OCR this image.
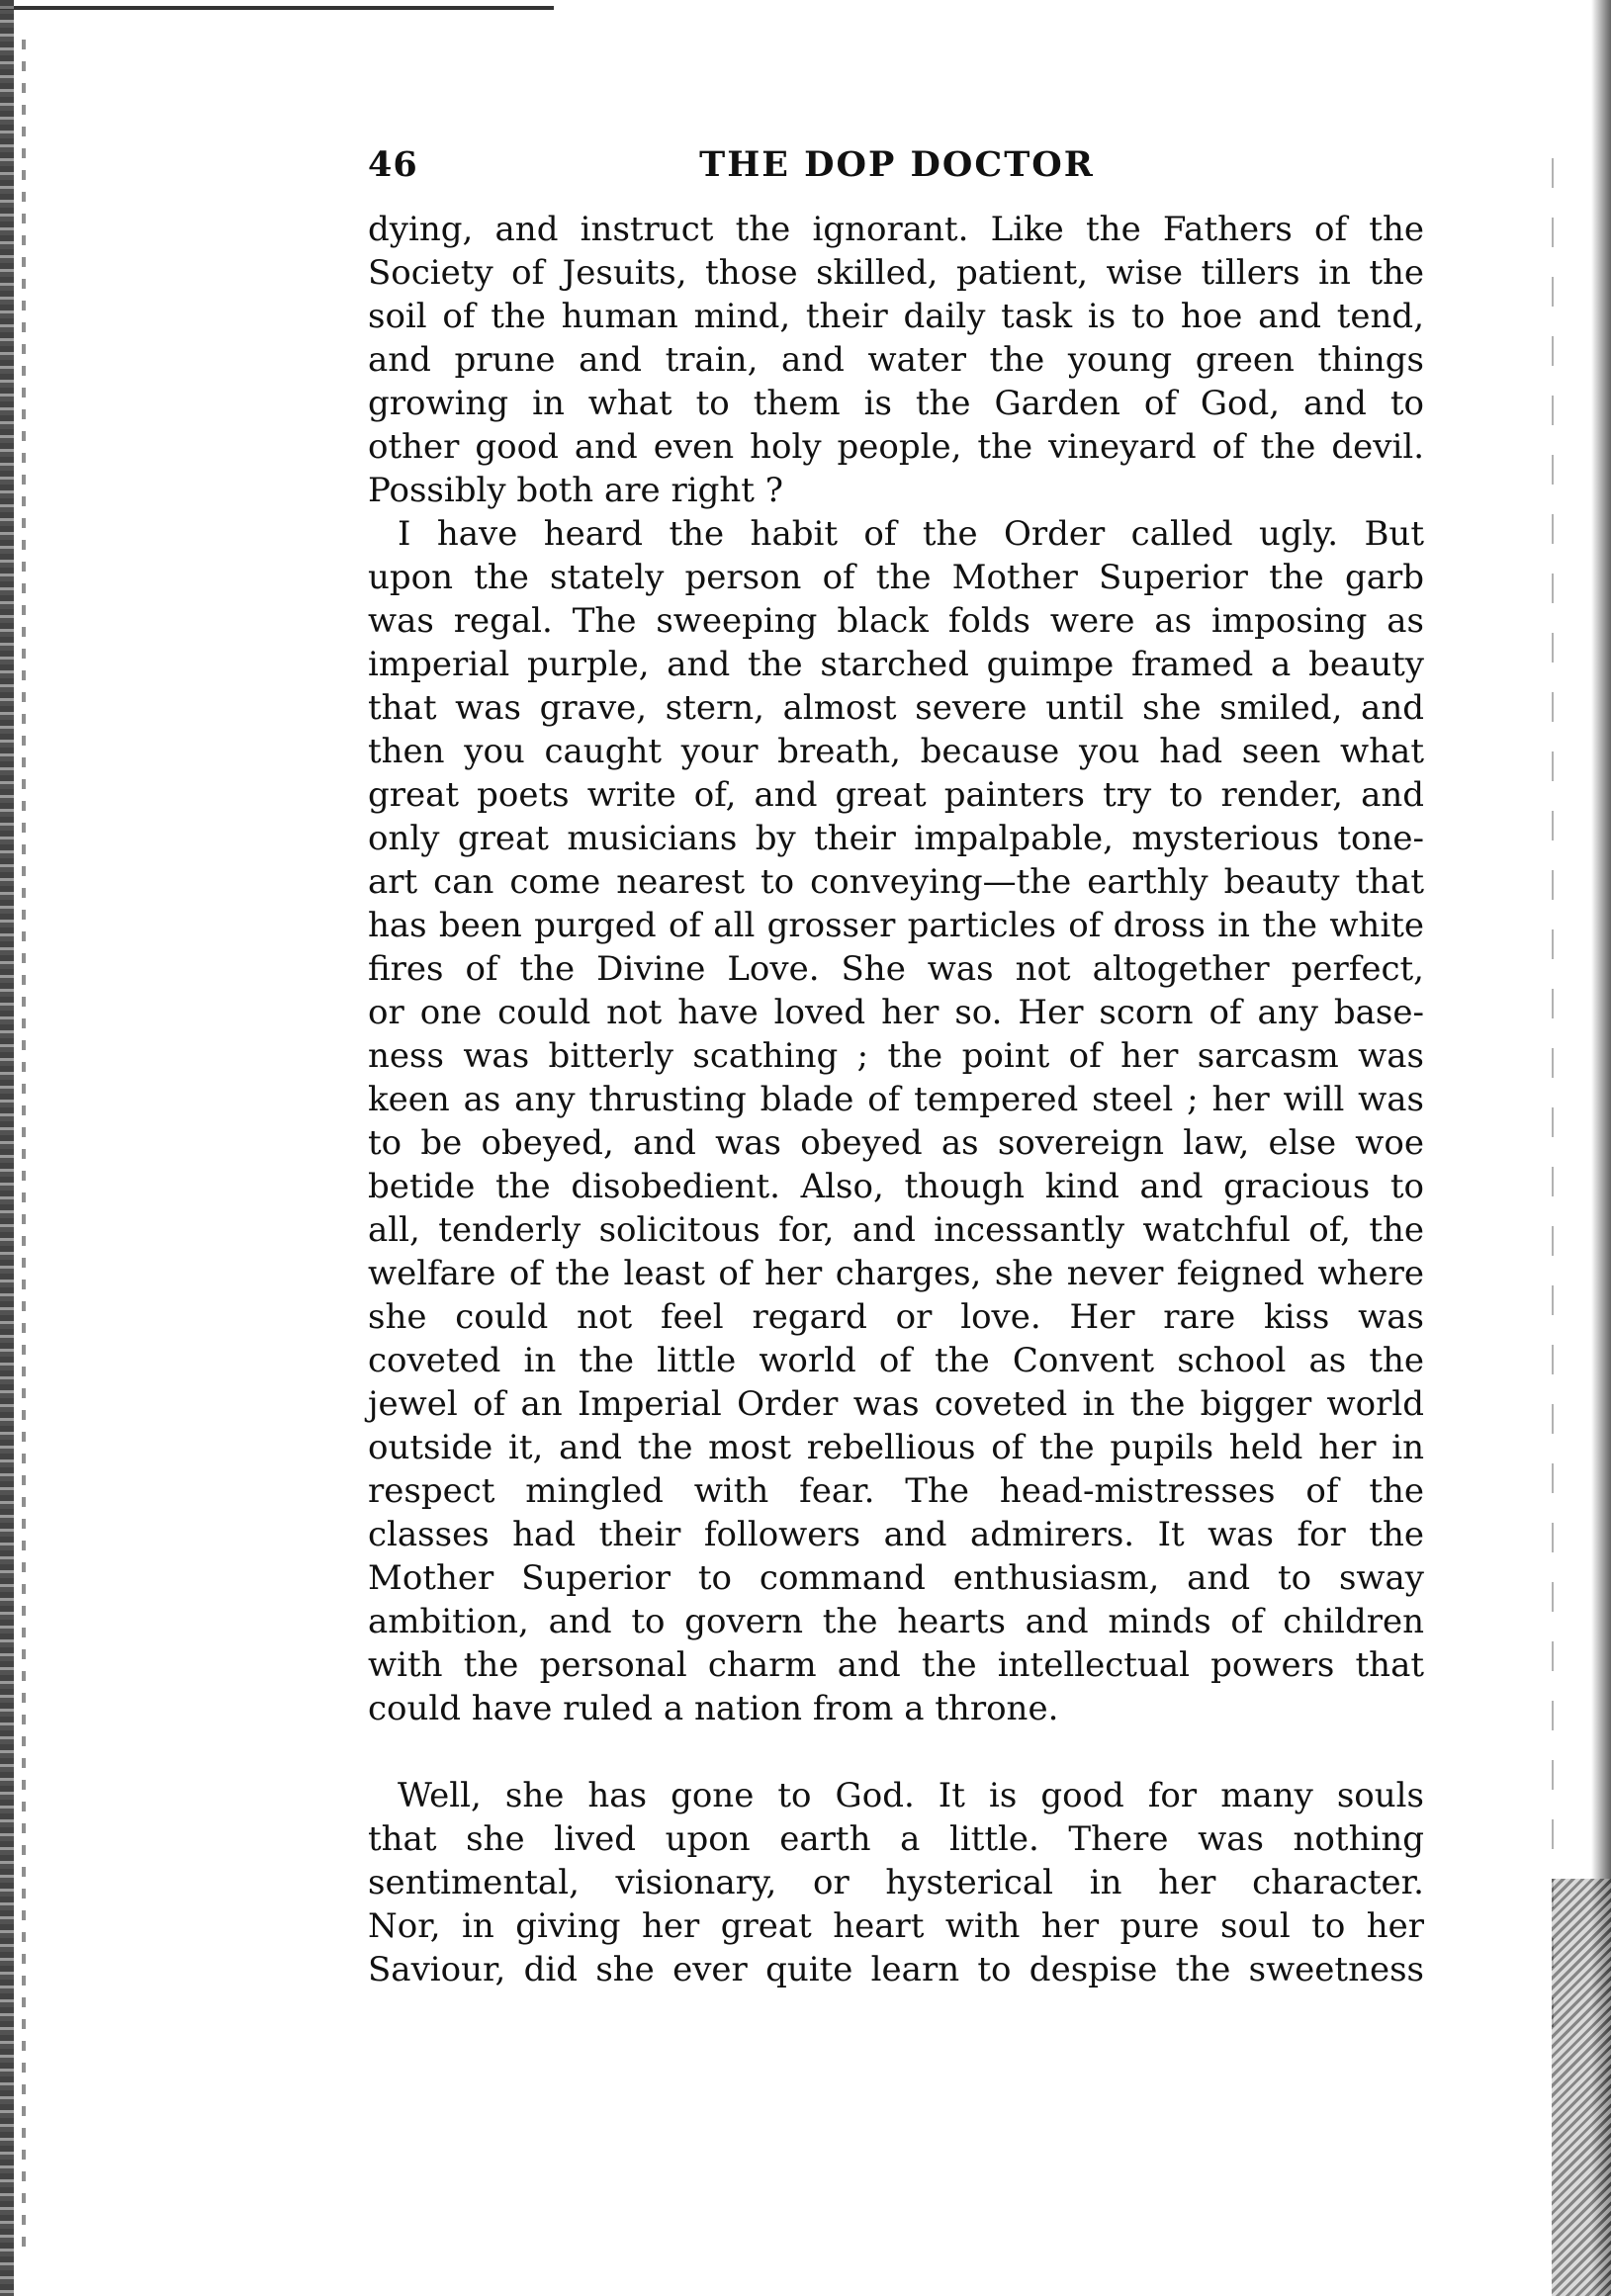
46	THE DOP DOCTOR
dying, and instruct the ignorant. Like the Fathers of the
Society of Jesuits, those skilled, patient, wise tillers in the
soil of the human mind, their daily task is to hoe and tend,
and prune and train, and water the young green things
growing in what to them is the Garden of God, and to
other good and even holy people, the vineyard of the devil.
Possibly both are right ?
I have heard the habit of the Order called ugly. But
upon the stately person of the Mother Superior the garb
was regal. The sweeping black folds were as imposing as
imperial purple, and the starched guimpe framed a beauty
that was grave, stern, almost severe until she smiled, and
then you caught your breath, because you had seen what
great poets write of, and great painters try to render, and
only great musicians by their impalpable, mysterious tone-
art can come nearest to conveying—the earthly beauty that
has been purged of all grosser particles of dross in the white
fires of the Divine Love. She was not altogether perfect,
or one could not have loved her so. Her scorn of any base-
ness was bitterly scathing ; the point of her sarcasm was
keen as any thrusting blade of tempered steel ; her will was
to be obeyed, and was obeyed as sovereign law, else woe
betide the disobedient. Also, though kind and gracious to
all, tenderly solicitous for, and incessantly watchful of, the
welfare of the least of her charges, she never feigned where
she could not feel regard or love. Her rare kiss was
coveted in the little world of the Convent school as the
jewel of an Imperial Order was coveted in the bigger world
outside it, and the most rebellious of the pupils held her in
respect mingled with fear. The head-mistresses of the
classes had their followers and admirers. It was for the
Mother Superior to command enthusiasm, and to sway
ambition, and to govern the hearts and minds of children
with the personal charm and the intellectual powers that
could have ruled a nation from a throne.
Well, she has gone to God. It is good for many souls
that she lived upon earth a little. There was nothing
sentimental, visionary, or hysterical in her character.
Nor, in giving her great heart with her pure soul to her
Saviour, did she ever quite learn to despise the sweetness
